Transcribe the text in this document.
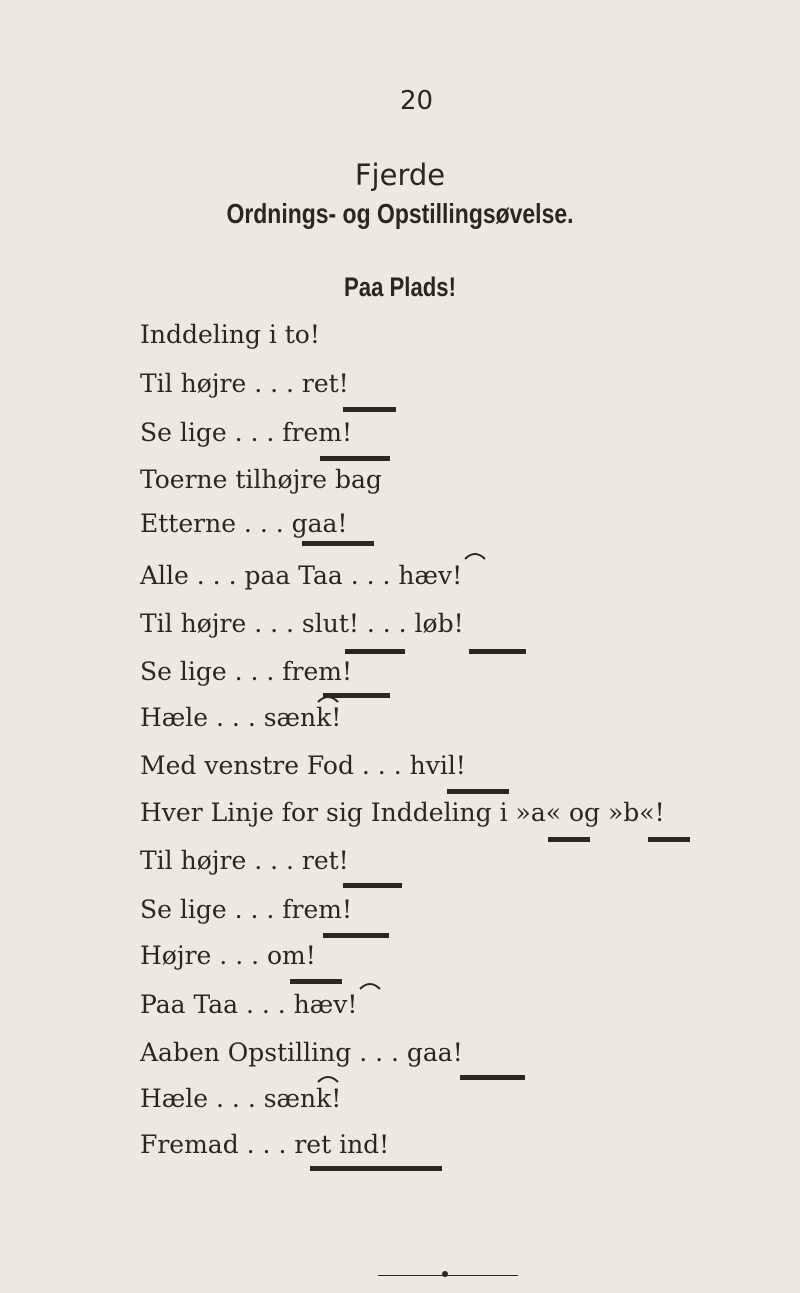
20
Fjerde
Ordnings- og Opstillingsøvelse.
Paa Plads!
Inddeling i to!
Til højre . . . ret!
Se lige . . . frem!
Toerne tilhøjre bag
Etterne . . . gaa!
Alle . . . paa Taa . . . hæv!
Til højre . . . slut! . . . løb!
Se lige . . . frem!
Hæle . . . sænk!
Med venstre Fod . . . hvil!
Hver Linje for sig Inddeling i »a« og »b«!
Til højre . . . ret!
Se lige . . . frem!
Højre . . . om!
Paa Taa . . . hæv!
Aaben Opstilling . . . gaa!
Hæle . . . sænk!
Fremad . . . ret ind!
